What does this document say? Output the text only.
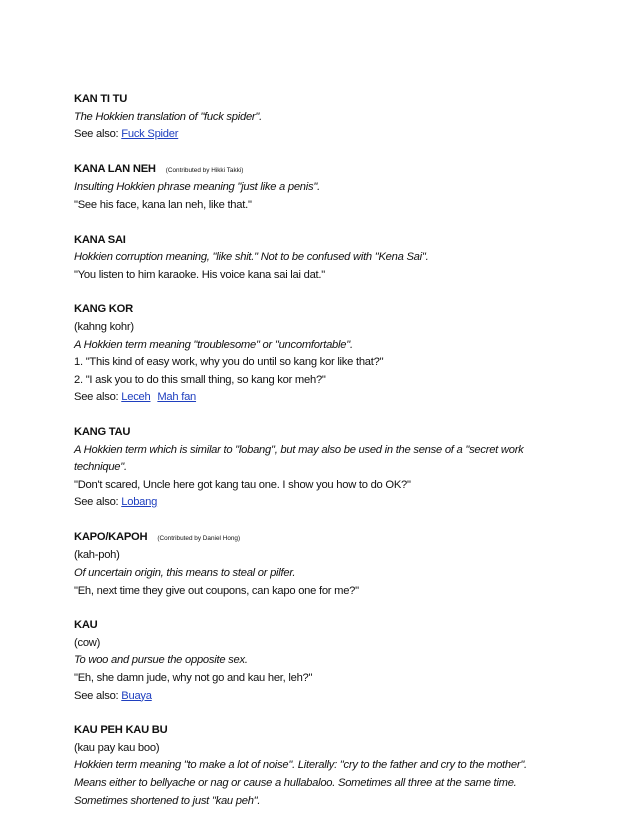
KAN TI TU
The Hokkien translation of "fuck spider".
See also: Fuck Spider
KANA LAN NEH (Contributed by Hikki Takki)
Insulting Hokkien phrase meaning "just like a penis".
"See his face, kana lan neh, like that."
KANA SAI
Hokkien corruption meaning, "like shit." Not to be confused with "Kena Sai".
"You listen to him karaoke. His voice kana sai lai dat."
KANG KOR
(kahng kohr)
A Hokkien term meaning "troublesome" or "uncomfortable".
1. "This kind of easy work, why you do until so kang kor like that?"
2. "I ask you to do this small thing, so kang kor meh?"
See also: Leceh Mah fan
KANG TAU
A Hokkien term which is similar to "lobang", but may also be used in the sense of a "secret work technique".
"Don't scared, Uncle here got kang tau one. I show you how to do OK?"
See also: Lobang
KAPO/KAPOH (Contributed by Daniel Hong)
(kah-poh)
Of uncertain origin, this means to steal or pilfer.
"Eh, next time they give out coupons, can kapo one for me?"
KAU
(cow)
To woo and pursue the opposite sex.
"Eh, she damn jude, why not go and kau her, leh?"
See also: Buaya
KAU PEH KAU BU
(kau pay kau boo)
Hokkien term meaning "to make a lot of noise". Literally: "cry to the father and cry to the mother".
Means either to bellyache or nag or cause a hullabaloo. Sometimes all three at the same time.
Sometimes shortened to just "kau peh".
